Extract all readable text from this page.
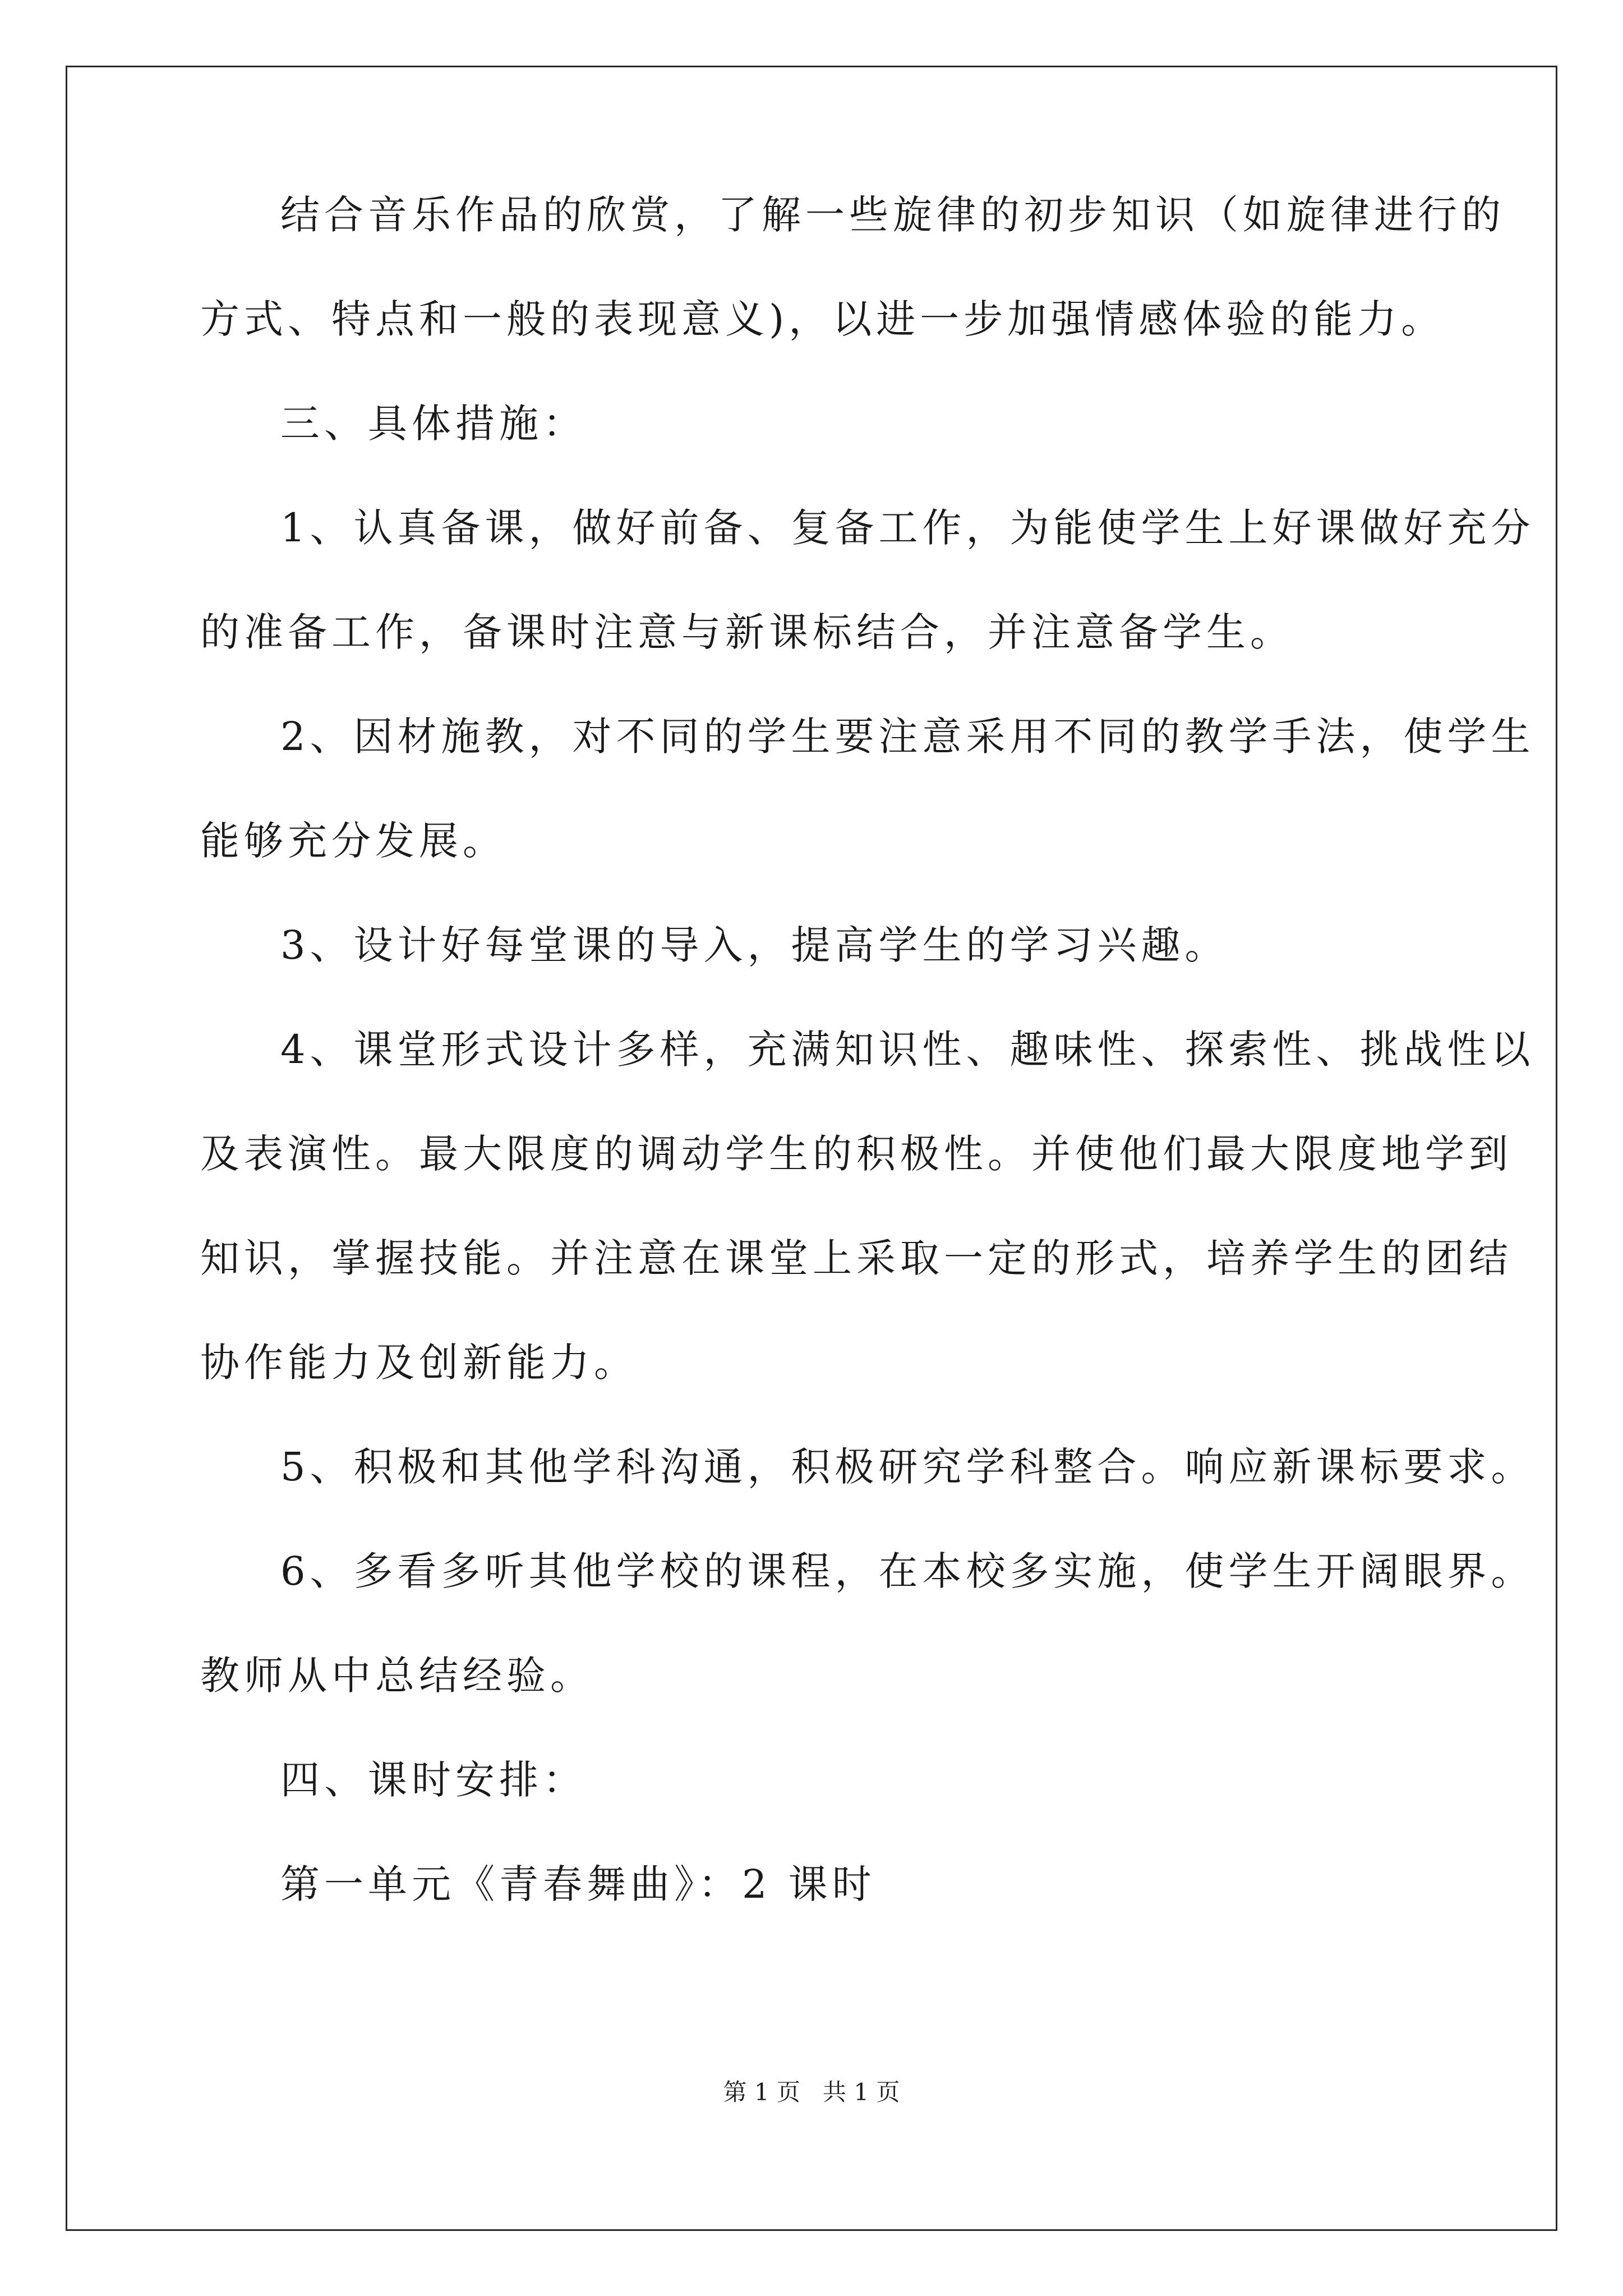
结合音乐作品的欣赏，了解一些旋律的初步知识（如旋律进行的
方式、特点和一般的表现意义)，以进一步加强情感体验的能力。
三、具体措施：
1、认真备课，做好前备、复备工作，为能使学生上好课做好充分
的准备工作，备课时注意与新课标结合，并注意备学生。
2、因材施教，对不同的学生要注意采用不同的教学手法，使学生
能够充分发展。
3、设计好每堂课的导入，提高学生的学习兴趣。
4、课堂形式设计多样，充满知识性、趣味性、探索性、挑战性以
及表演性。最大限度的调动学生的积极性。并使他们最大限度地学到
知识，掌握技能。并注意在课堂上采取一定的形式，培养学生的团结
协作能力及创新能力。
5、积极和其他学科沟通，积极研究学科整合。响应新课标要求。
6、多看多听其他学校的课程，在本校多实施，使学生开阔眼界。
教师从中总结经验。
四、课时安排：
第一单元《青春舞曲》：2 课时
第 1 页   共 1 页
